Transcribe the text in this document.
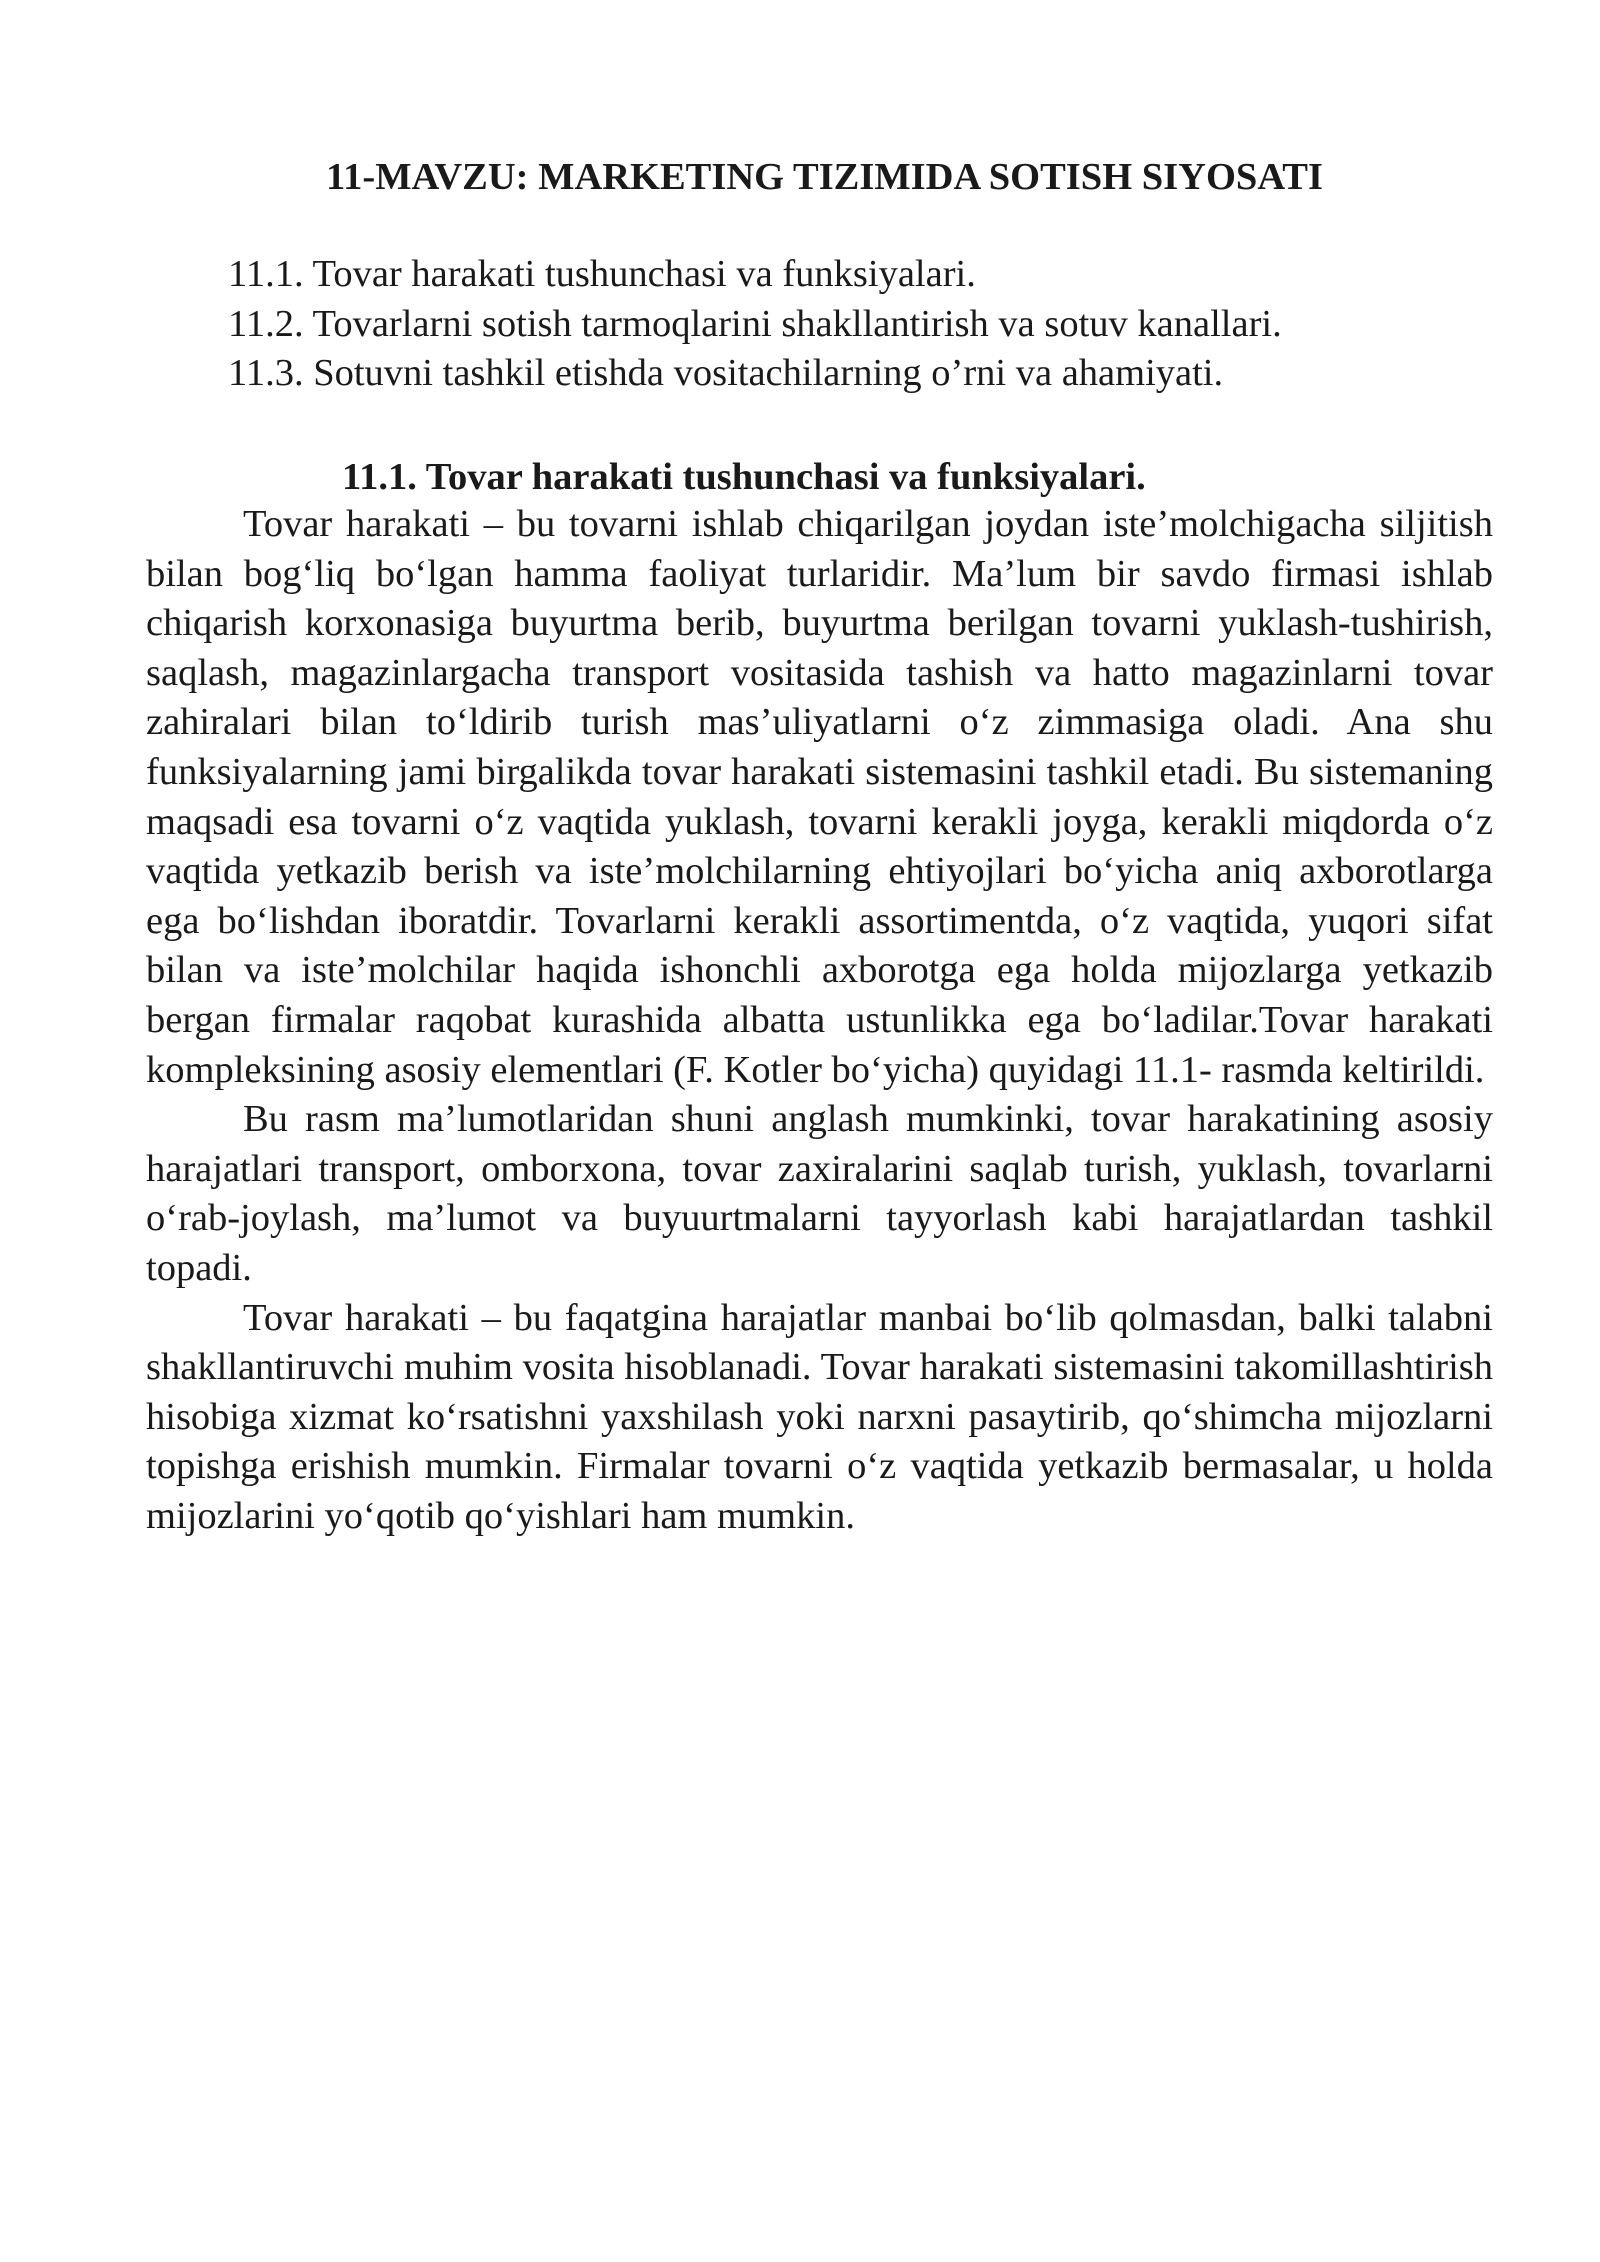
11-MAVZU: MARKETING TIZIMIDA SOTISH SIYOSATI
11.1. Tovar harakati tushunchasi va funksiyalari.
11.2. Tovarlarni sotish tarmoqlarini shakllantirish va sotuv kanallari.
11.3. Sotuvni tashkil etishda vositachilarning o’rni va ahamiyati.
11.1. Tovar harakati tushunchasi va funksiyalari.

Tovar harakati – bu tovarni ishlab chiqarilgan joydan iste’molchigacha siljitish bilan bog‘liq bo‘lgan hamma faoliyat turlaridir. Ma’lum bir savdo firmasi ishlab chiqarish korxonasiga buyurtma berib, buyurtma berilgan tovarni yuklash-tushirish, saqlash, magazinlargacha transport vositasida tashish va hatto magazinlarni tovar zahiralari bilan to‘ldirib turish mas’uliyatlarni o‘z zimmasiga oladi. Ana shu funksiyalarning jami birgalikda tovar harakati sistemasini tashkil etadi. Bu sistemaning maqsadi esa tovarni o‘z vaqtida yuklash, tovarni kerakli joyga, kerakli miqdorda o‘z vaqtida yetkazib berish va iste’molchilarning ehtiyojlari bo‘yicha aniq axborotlarga ega bo‘lishdan iboratdir. Tovarlarni kerakli assortimentda, o‘z vaqtida, yuqori sifat bilan va iste’molchilar haqida ishonchli axborotga ega holda mijozlarga yetkazib bergan firmalar raqobat kurashida albatta ustunlikka ega bo‘ladilar.Tovar harakati kompleksining asosiy elementlari (F. Kotler bo‘yicha) quyidagi 11.1- rasmda keltirildi.

Bu rasm ma’lumotlaridan shuni anglash mumkinki, tovar harakatining asosiy harajatlari transport, omborxona, tovar zaxiralarini saqlab turish, yuklash, tovarlarni o‘rab-joylash, ma’lumot va buyuurtmalarni tayyorlash kabi harajatlardan tashkil topadi.

Tovar harakati – bu faqatgina harajatlar manbai bo‘lib qolmasdan, balki talabni shakllantiruvchi muhim vosita hisoblanadi. Tovar harakati sistemasini takomillashtirish hisobiga xizmat ko‘rsatishni yaxshilash yoki narxni pasaytirib, qo‘shimcha mijozlarni topishga erishish mumkin. Firmalar tovarni o‘z vaqtida yetkazib bermasalar, u holda mijozlarini yo‘qotib qo‘yishlari ham mumkin.
